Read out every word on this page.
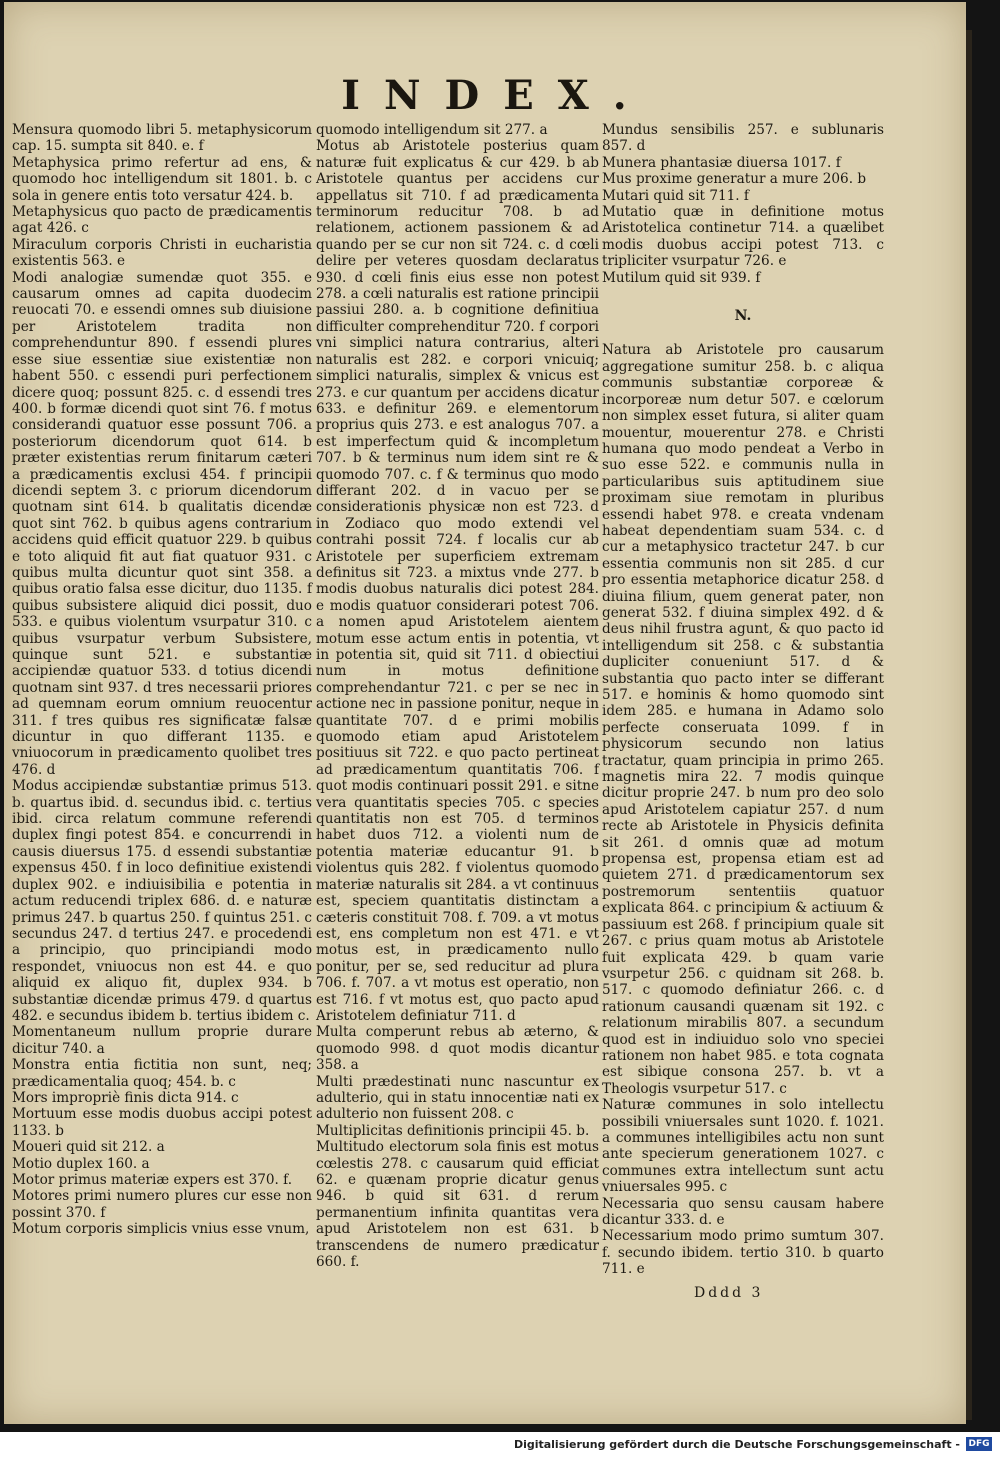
INDEX.

Mensura quomodo libri 5. metaphysicorum cap. 15. sumpta sit 840. e. f

Metaphysica primo refertur ad ens, & quomodo hoc intelligendum sit 1801. b. c sola in genere entis toto versatur 424. b.

Metaphysicus quo pacto de prædicamentis agat 426. c

Miraculum corporis Christi in eucharistia existentis 563. e

Modi analogiæ sumendæ quot 355. e causarum omnes ad capita duodecim reuocati 70. e essendi omnes sub diuisione per Aristotelem tradita non comprehenduntur 890. f essendi plures esse siue essentiæ siue existentiæ non habent 550. c essendi puri perfectionem dicere quoq; possunt 825. c. d essendi tres 400. b formæ dicendi quot sint 76. f motus considerandi quatuor esse possunt 706. a posteriorum dicendorum quot 614. b præter existentias rerum finitarum cæteri a prædicamentis exclusi 454. f principii dicendi septem 3. c priorum dicendorum quotnam sint 614. b qualitatis dicendæ quot sint 762. b quibus agens contrarium accidens quid efficit quatuor 229. b quibus e toto aliquid fit aut fiat quatuor 931. c quibus multa dicuntur quot sint 358. a quibus oratio falsa esse dicitur, duo 1135. f quibus subsistere aliquid dici possit, duo 533. e quibus violentum vsurpatur 310. c quibus vsurpatur verbum Subsistere, quinque sunt 521. e substantiæ accipiendæ quatuor 533. d totius dicendi quotnam sint 937. d tres necessarii priores ad quemnam eorum omnium reuocentur 311. f tres quibus res significatæ falsæ dicuntur in quo differant 1135. e vniuocorum in prædicamento quolibet tres 476. d

Modus accipiendæ substantiæ primus 513. b. quartus ibid. d. secundus ibid. c. tertius ibid. circa relatum commune referendi duplex fingi potest 854. e concurrendi in causis diuersus 175. d essendi substantiæ expensus 450. f in loco definitiue existendi duplex 902. e indiuisibilia e potentia in actum reducendi triplex 686. d. e naturæ primus 247. b quartus 250. f quintus 251. c secundus 247. d tertius 247. e procedendi a principio, quo principiandi modo respondet, vniuocus non est 44. e quo aliquid ex aliquo fit, duplex 934. b substantiæ dicendæ primus 479. d quartus 482. e secundus ibidem b. tertius ibidem c.

Momentaneum nullum proprie durare dicitur 740. a

Monstra entia fictitia non sunt, neq; prædicamentalia quoq; 454. b. c

Mors impropriè finis dicta 914. c

Mortuum esse modis duobus accipi potest 1133. b

Moueri quid sit 212. a

Motio duplex 160. a

Motor primus materiæ expers est 370. f.

Motores primi numero plures cur esse non possint 370. f

Motum corporis simplicis vnius esse vnum,

quomodo intelligendum sit 277. a

Motus ab Aristotele posterius quam naturæ fuit explicatus & cur 429. b ab Aristotele quantus per accidens cur appellatus sit 710. f ad prædicamenta terminorum reducitur 708. b ad relationem, actionem passionem & ad quando per se cur non sit 724. c. d cœli delire per veteres quosdam declaratus 930. d cœli finis eius esse non potest 278. a cœli naturalis est ratione principii passiui 280. a. b cognitione definitiua difficulter comprehenditur 720. f corpori vni simplici natura contrarius, alteri naturalis est 282. e corpori vnicuiq; simplici naturalis, simplex & vnicus est 273. e cur quantum per accidens dicatur 633. e definitur 269. e elementorum proprius quis 273. e est analogus 707. a est imperfectum quid & incompletum 707. b & terminus num idem sint re & quomodo 707. c. f & terminus quo modo differant 202. d in vacuo per se considerationis physicæ non est 723. d in Zodiaco quo modo extendi vel contrahi possit 724. f localis cur ab Aristotele per superficiem extremam definitus sit 723. a mixtus vnde 277. b modis duobus naturalis dici potest 284. e modis quatuor considerari potest 706. a nomen apud Aristotelem aientem motum esse actum entis in potentia, vt in potentia sit, quid sit 711. d obiectiui num in motus definitione comprehendantur 721. c per se nec in actione nec in passione ponitur, neque in quantitate 707. d e primi mobilis quomodo etiam apud Aristotelem positiuus sit 722. e quo pacto pertineat ad prædicamentum quantitatis 706. f quot modis continuari possit 291. e sitne vera quantitatis species 705. c species quantitatis non est 705. d terminos habet duos 712. a violenti num de potentia materiæ educantur 91. b violentus quis 282. f violentus quomodo materiæ naturalis sit 284. a vt continuus est, speciem quantitatis distinctam a cæteris constituit 708. f. 709. a vt motus est, ens completum non est 471. e vt motus est, in prædicamento nullo ponitur, per se, sed reducitur ad plura 706. f. 707. a vt motus est operatio, non est 716. f vt motus est, quo pacto apud Aristotelem definiatur 711. d

Multa comperunt rebus ab æterno, & quomodo 998. d quot modis dicantur 358. a

Multi prædestinati nunc nascuntur ex adulterio, qui in statu innocentiæ nati ex adulterio non fuissent 208. c

Multiplicitas definitionis principii 45. b.

Multitudo electorum sola finis est motus cœlestis 278. c causarum quid efficiat 62. e quænam proprie dicatur genus 946. b quid sit 631. d rerum permanentium infinita quantitas vera apud Aristotelem non est 631. b transcendens de numero prædicatur 660. f.

Mundus sensibilis 257. e sublunaris 857. d

Munera phantasiæ diuersa 1017. f

Mus proxime generatur a mure 206. b

Mutari quid sit 711. f

Mutatio quæ in definitione motus Aristotelica continetur 714. a quælibet modis duobus accipi potest 713. c tripliciter vsurpatur 726. e

Mutilum quid sit 939. f

N.

Natura ab Aristotele pro causarum aggregatione sumitur 258. b. c aliqua communis substantiæ corporeæ & incorporeæ num detur 507. e cœlorum non simplex esset futura, si aliter quam mouentur, mouerentur 278. e Christi humana quo modo pendeat a Verbo in suo esse 522. e communis nulla in particularibus suis aptitudinem siue proximam siue remotam in pluribus essendi habet 978. e creata vndenam habeat dependentiam suam 534. c. d cur a metaphysico tractetur 247. b cur essentia communis non sit 285. d cur pro essentia metaphorice dicatur 258. d diuina filium, quem generat pater, non generat 532. f diuina simplex 492. d & deus nihil frustra agunt, & quo pacto id intelligendum sit 258. c & substantia dupliciter conueniunt 517. d & substantia quo pacto inter se differant 517. e hominis & homo quomodo sint idem 285. e humana in Adamo solo perfecte conseruata 1099. f in physicorum secundo non latius tractatur, quam principia in primo 265. magnetis mira 22. 7 modis quinque dicitur proprie 247. b num pro deo solo apud Aristotelem capiatur 257. d num recte ab Aristotele in Physicis definita sit 261. d omnis quæ ad motum propensa est, propensa etiam est ad quietem 271. d prædicamentorum sex postremorum sententiis quatuor explicata 864. c principium & actiuum & passiuum est 268. f principium quale sit 267. c prius quam motus ab Aristotele fuit explicata 429. b quam varie vsurpetur 256. c quidnam sit 268. b. 517. c quomodo definiatur 266. c. d rationum causandi quænam sit 192. c relationum mirabilis 807. a secundum quod est in indiuiduo solo vno speciei rationem non habet 985. e tota cognata est sibique consona 257. b. vt a Theologis vsurpetur 517. c

Naturæ communes in solo intellectu possibili vniuersales sunt 1020. f. 1021. a communes intelligibiles actu non sunt ante specierum generationem 1027. c communes extra intellectum sunt actu vniuersales 995. c

Necessaria quo sensu causam habere dicantur 333. d. e

Necessarium modo primo sumtum 307. f. secundo ibidem. tertio 310. b quarto 711. e

Dddd 3
Digitalisierung gefördert durch die Deutsche Forschungsgemeinschaft - DFG
